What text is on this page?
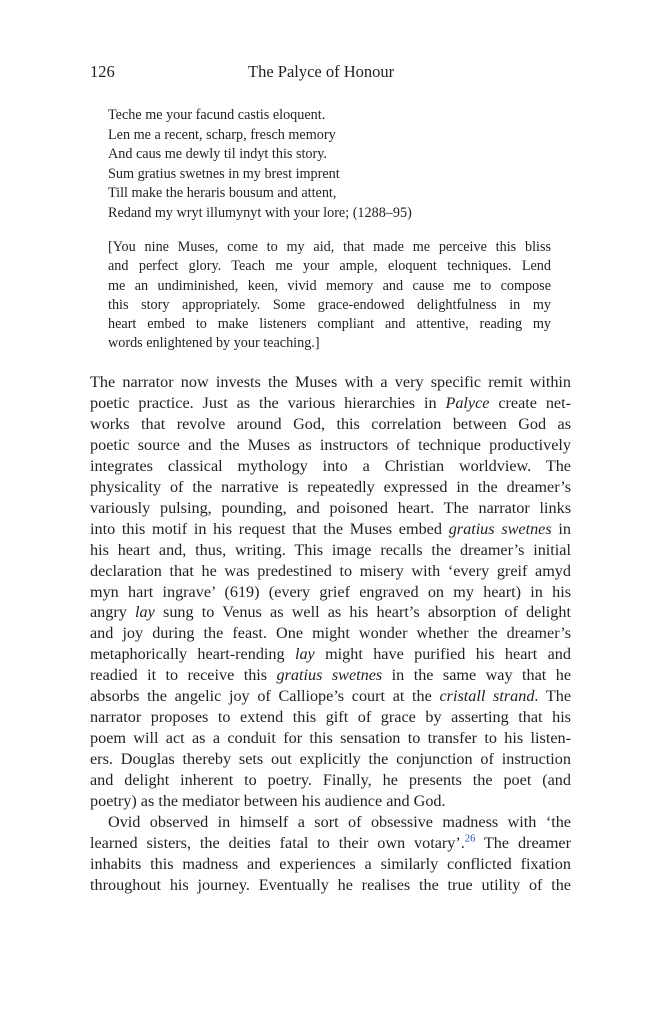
126	The Palyce of Honour
Teche me your facund castis eloquent.
Len me a recent, scharp, fresch memory
And caus me dewly til indyt this story.
Sum gratius swetnes in my brest imprent
Till make the heraris bousum and attent,
Redand my wryt illumynyt with your lore; (1288–95)
[You nine Muses, come to my aid, that made me perceive this bliss
and perfect glory. Teach me your ample, eloquent techniques. Lend
me an undiminished, keen, vivid memory and cause me to compose
this story appropriately. Some grace-endowed delightfulness in my
heart embed to make listeners compliant and attentive, reading my
words enlightened by your teaching.]
The narrator now invests the Muses with a very specific remit within
poetic practice. Just as the various hierarchies in Palyce create net-
works that revolve around God, this correlation between God as
poetic source and the Muses as instructors of technique productively
integrates classical mythology into a Christian worldview. The
physicality of the narrative is repeatedly expressed in the dreamer’s
variously pulsing, pounding, and poisoned heart. The narrator links
into this motif in his request that the Muses embed gratius swetnes in
his heart and, thus, writing. This image recalls the dreamer’s initial
declaration that he was predestined to misery with ‘every greif amyd
myn hart ingrave’ (619) (every grief engraved on my heart) in his
angry lay sung to Venus as well as his heart’s absorption of delight
and joy during the feast. One might wonder whether the dreamer’s
metaphorically heart-rending lay might have purified his heart and
readied it to receive this gratius swetnes in the same way that he
absorbs the angelic joy of Calliope’s court at the cristall strand. The
narrator proposes to extend this gift of grace by asserting that his
poem will act as a conduit for this sensation to transfer to his listen-
ers. Douglas thereby sets out explicitly the conjunction of instruction
and delight inherent to poetry. Finally, he presents the poet (and
poetry) as the mediator between his audience and God.
Ovid observed in himself a sort of obsessive madness with ‘the
learned sisters, the deities fatal to their own votary’.$^{26}$ The dreamer
inhabits this madness and experiences a similarly conflicted fixation
throughout his journey. Eventually he realises the true utility of the
